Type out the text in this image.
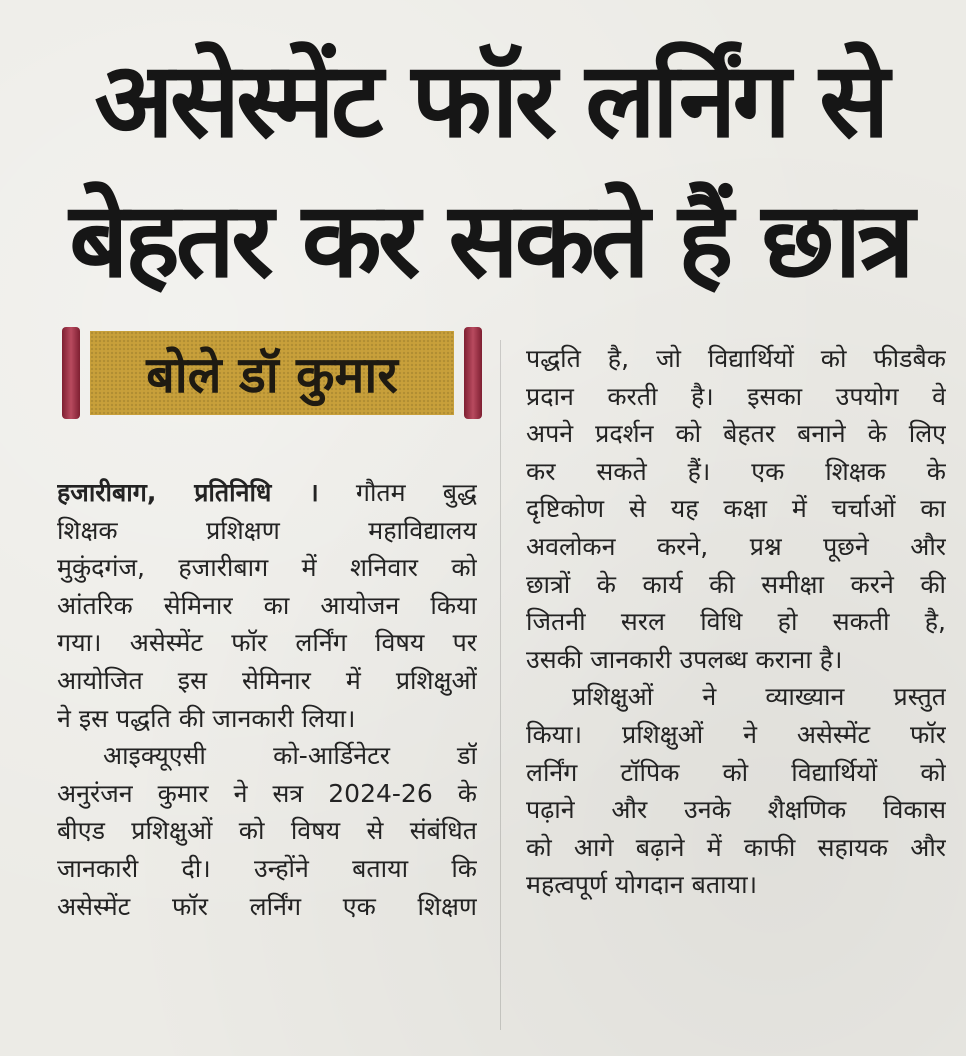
असेस्मेंट फॉर लर्निंग से
बेहतर कर सकते हैं छात्र
बोले डॉ कुमार
हजारीबाग, प्रतिनिधि । गौतम बुद्ध
शिक्षक प्रशिक्षण महाविद्यालय
मुकुंदगंज, हजारीबाग में शनिवार को
आंतरिक सेमिनार का आयोजन किया
गया। असेस्मेंट फॉर लर्निंग विषय पर
आयोजित इस सेमिनार में प्रशिक्षुओं
ने इस पद्धति की जानकारी लिया।
आइक्यूएसी को-आर्डिनेटर डॉ
अनुरंजन कुमार ने सत्र 2024-26 के
बीएड प्रशिक्षुओं को विषय से संबंधित
जानकारी दी। उन्होंने बताया कि
असेस्मेंट फॉर लर्निंग एक शिक्षण
पद्धति है, जो विद्यार्थियों को फीडबैक
प्रदान करती है। इसका उपयोग वे
अपने प्रदर्शन को बेहतर बनाने के लिए
कर सकते हैं। एक शिक्षक के
दृष्टिकोण से यह कक्षा में चर्चाओं का
अवलोकन करने, प्रश्न पूछने और
छात्रों के कार्य की समीक्षा करने की
जितनी सरल विधि हो सकती है,
उसकी जानकारी उपलब्ध कराना है।
प्रशिक्षुओं ने व्याख्यान प्रस्तुत
किया। प्रशिक्षुओं ने असेस्मेंट फॉर
लर्निंग टॉपिक को विद्यार्थियों को
पढ़ाने और उनके शैक्षणिक विकास
को आगे बढ़ाने में काफी सहायक और
महत्वपूर्ण योगदान बताया।
